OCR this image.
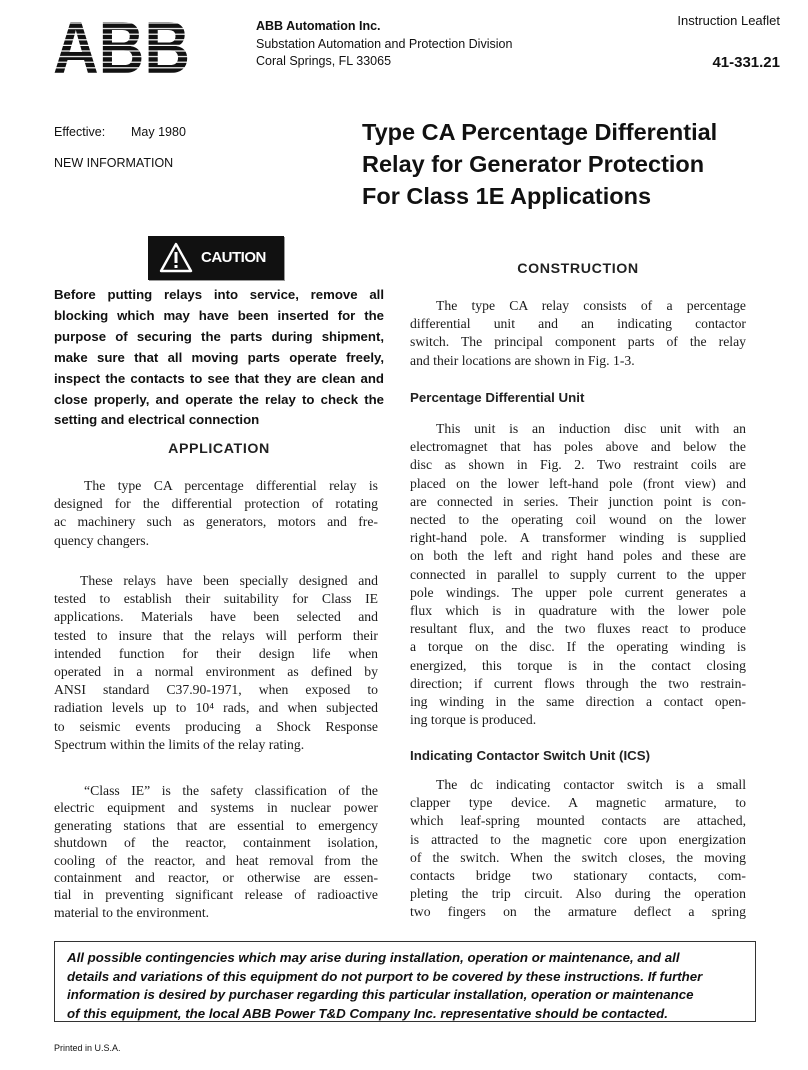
ABB	ABB Automation Inc.
Substation Automation and Protection Division
Coral Springs, FL 33065
Instruction Leaflet
41-331.21
Effective: May 1980
NEW INFORMATION
Type CA Percentage Differential
Relay for Generator Protection
For Class 1E Applications
CAUTION
Before putting relays into service, remove all blocking which may have been inserted for the purpose of securing the parts during shipment, make sure that all moving parts operate freely, inspect the contacts to see that they are clean and close properly, and operate the relay to check the setting and electrical connection
APPLICATION
The type CA percentage differential relay is
designed for the differential protection of rotating
ac machinery such as generators, motors and fre-
quency changers.
These relays have been specially designed and
tested to establish their suitability for Class IE
applications. Materials have been selected and
tested to insure that the relays will perform their
intended function for their design life when
operated in a normal environment as defined by
ANSI standard C37.90-1971, when exposed to
radiation levels up to 10⁴ rads, and when subjected
to seismic events producing a Shock Response
Spectrum within the limits of the relay rating.
“Class IE” is the safety classification of the
electric equipment and systems in nuclear power
generating stations that are essential to emergency
shutdown of the reactor, containment isolation,
cooling of the reactor, and heat removal from the
containment and reactor, or otherwise are essen-
tial in preventing significant release of radioactive
material to the environment.
CONSTRUCTION
The type CA relay consists of a percentage
differential unit and an indicating contactor
switch. The principal component parts of the relay
and their locations are shown in Fig. 1-3.
Percentage Differential Unit
This unit is an induction disc unit with an
electromagnet that has poles above and below the
disc as shown in Fig. 2. Two restraint coils are
placed on the lower left-hand pole (front view) and
are connected in series. Their junction point is con-
nected to the operating coil wound on the lower
right-hand pole. A transformer winding is supplied
on both the left and right hand poles and these are
connected in parallel to supply current to the upper
pole windings. The upper pole current generates a
flux which is in quadrature with the lower pole
resultant flux, and the two fluxes react to produce
a torque on the disc. If the operating winding is
energized, this torque is in the contact closing
direction; if current flows through the two restrain-
ing winding in the same direction a contact open-
ing torque is produced.
Indicating Contactor Switch Unit (ICS)
The dc indicating contactor switch is a small
clapper type device. A magnetic armature, to
which leaf-spring mounted contacts are attached,
is attracted to the magnetic core upon energization
of the switch. When the switch closes, the moving
contacts bridge two stationary contacts, com-
pleting the trip circuit. Also during the operation
two fingers on the armature deflect a spring
All possible contingencies which may arise during installation, operation or maintenance, and all
details and variations of this equipment do not purport to be covered by these instructions. If further
information is desired by purchaser regarding this particular installation, operation or maintenance
of this equipment, the local ABB Power T&D Company Inc. representative should be contacted.
Printed in U.S.A.
